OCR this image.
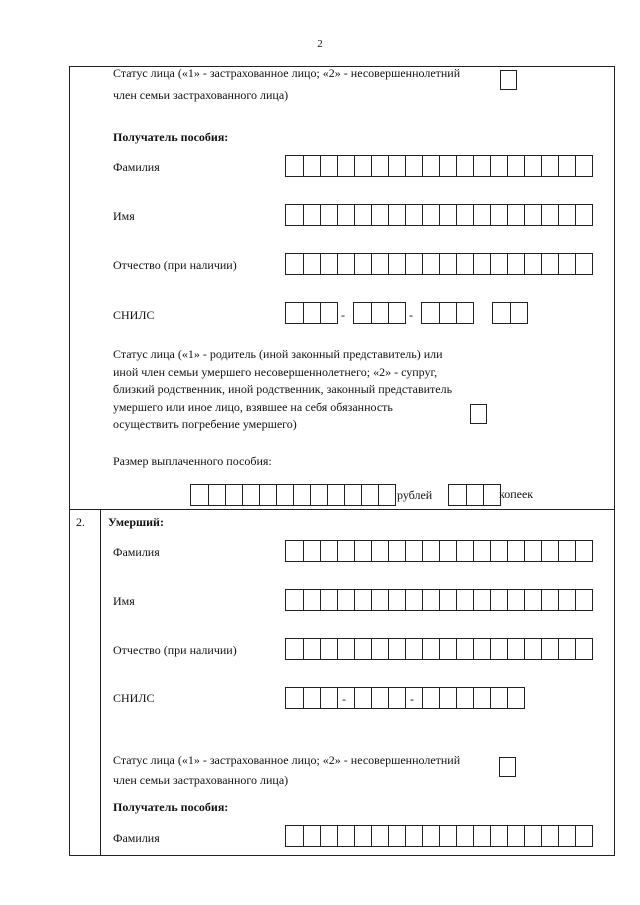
2
Статус лица («1» - застрахованное лицо; «2» - несовершеннолетний
член семьи застрахованного лица)
Получатель пособия:
Фамилия
Имя
Отчество (при наличии)
СНИЛС	-	-
Статус лица («1» - родитель (иной законный представитель) или
иной член семьи умершего несовершеннолетнего; «2» - супруг,
близкий родственник, иной родственник, законный представитель
умершего или иное лицо, взявшее на себя обязанность
осуществить погребение умершего)
Размер выплаченного пособия:
рублей	копеек
2. Умерший:
Фамилия
Имя
Отчество (при наличии)
СНИЛС	-	-
Статус лица («1» - застрахованное лицо; «2» - несовершеннолетний
член семьи застрахованного лица)
Получатель пособия:
Фамилия
